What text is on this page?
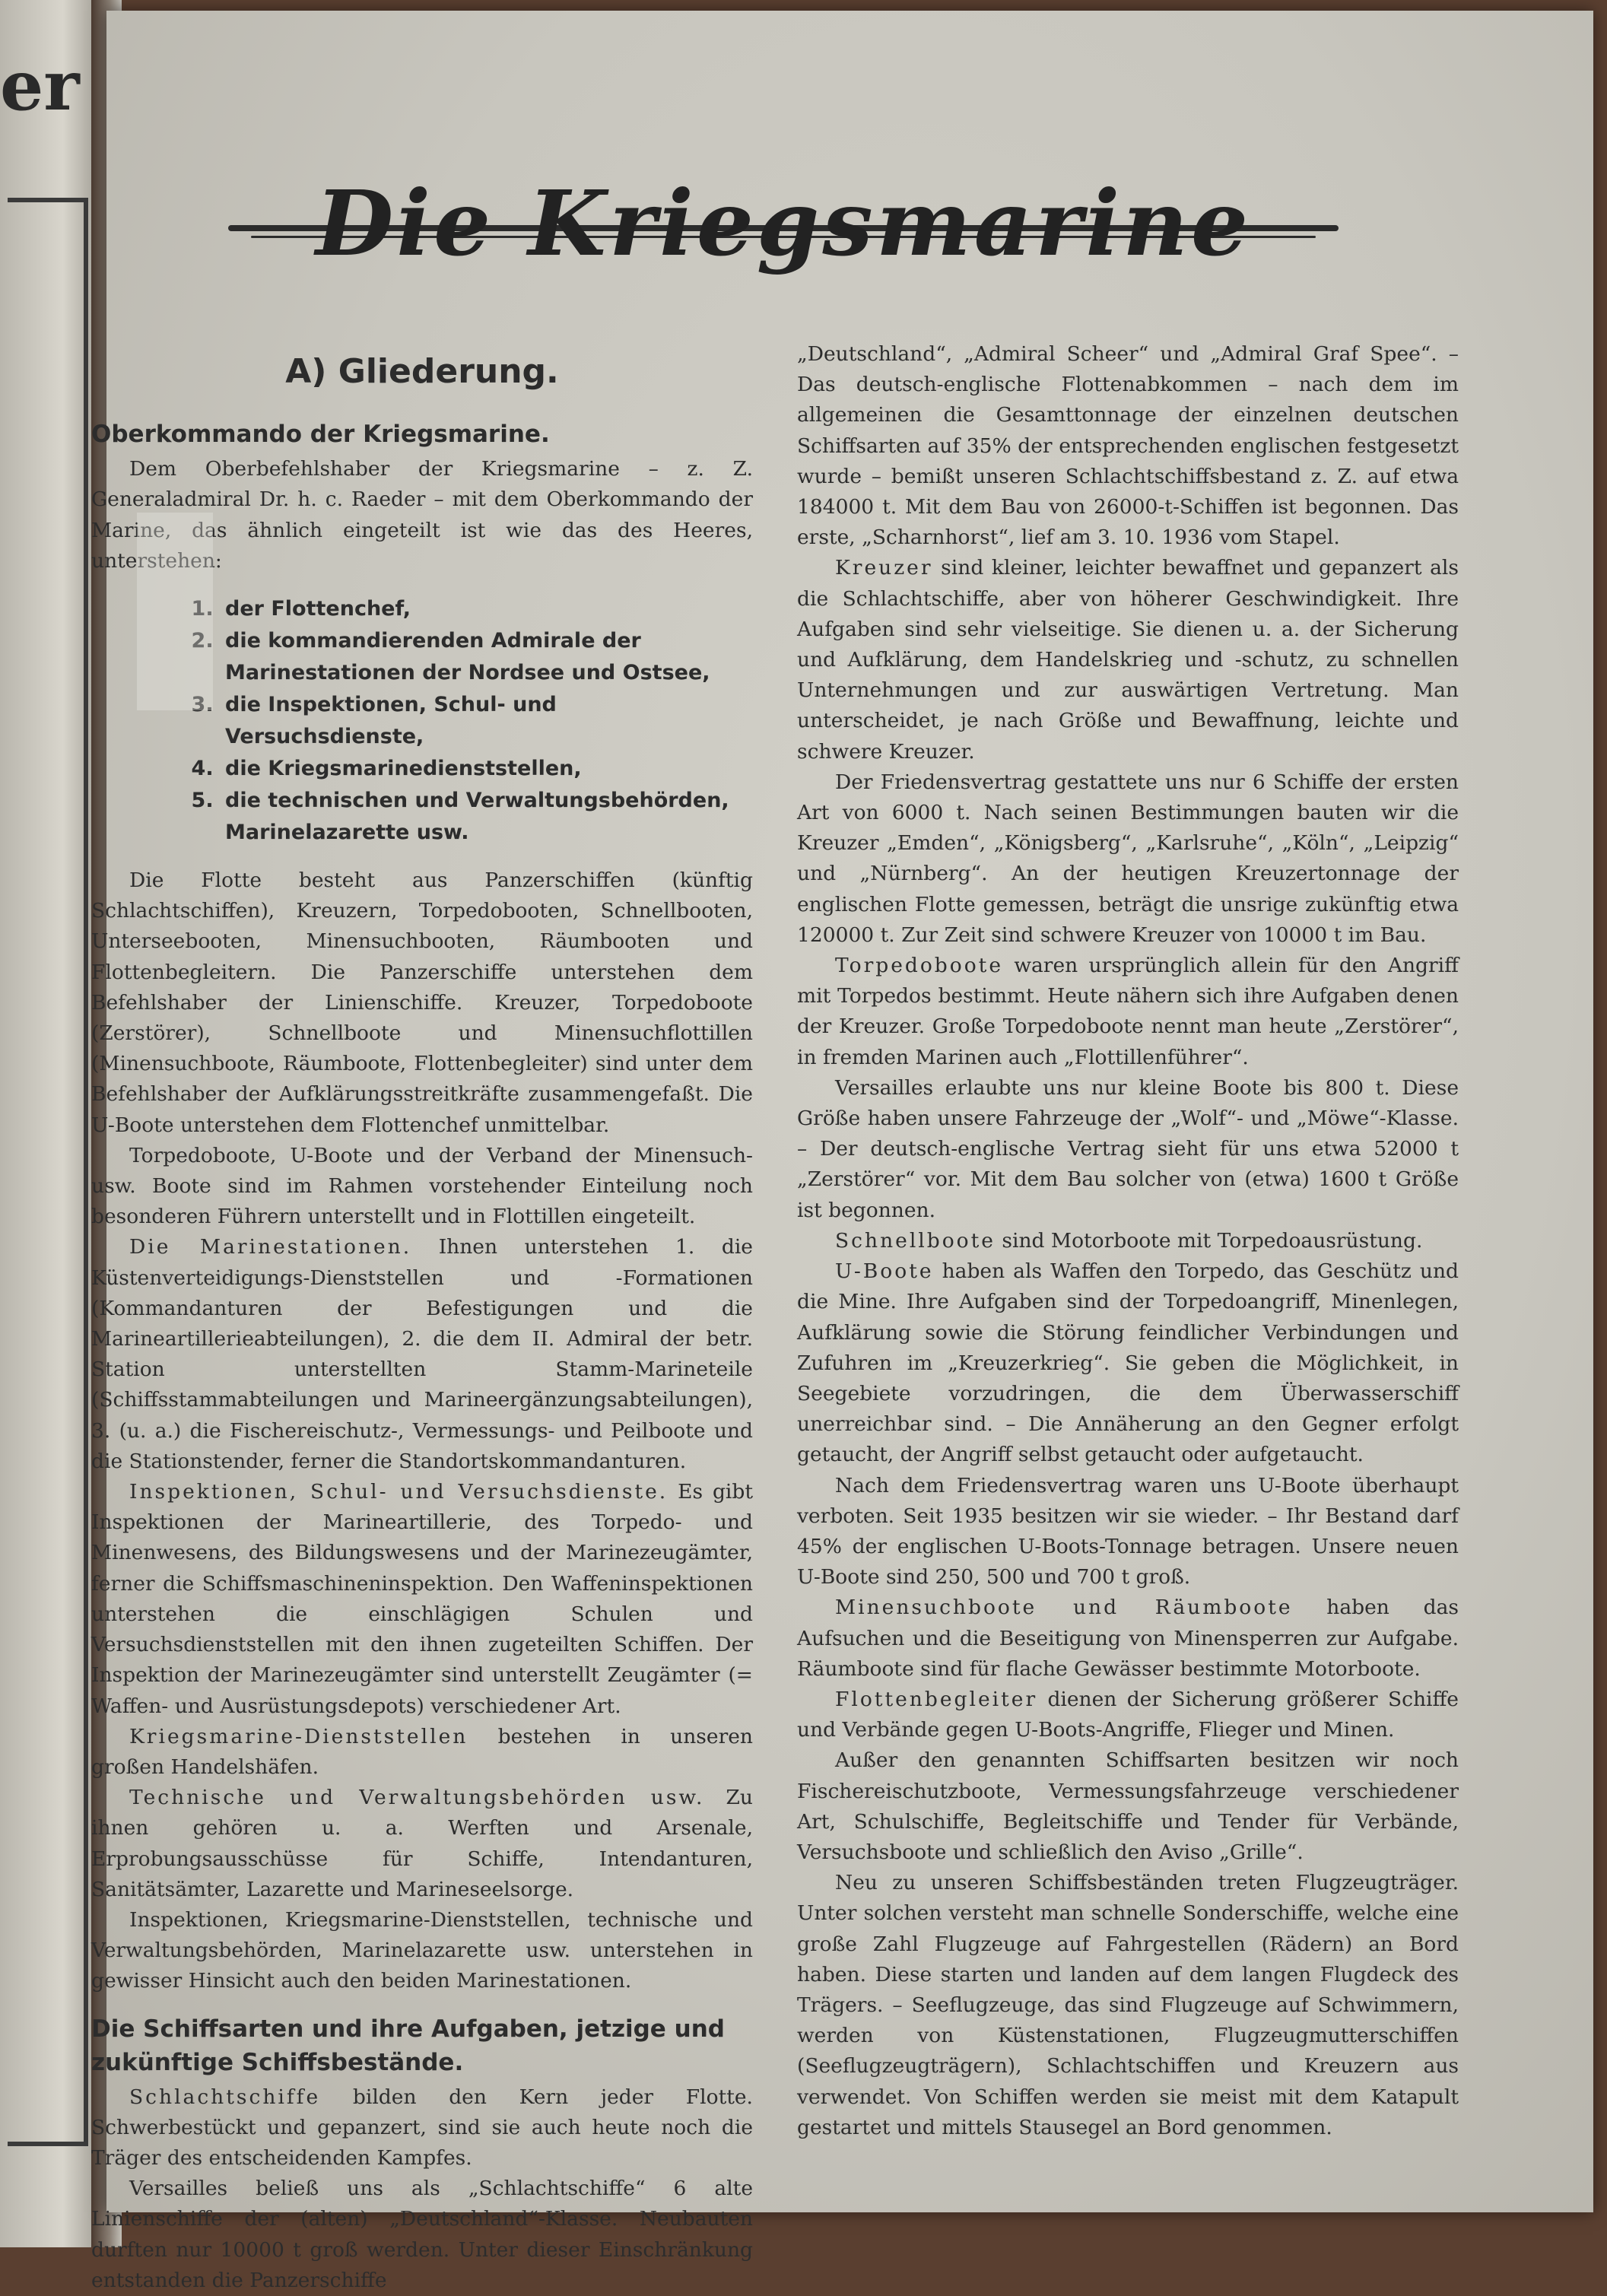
er
Die Kriegsmarine

A) Gliederung.

Oberkommando der Kriegsmarine.

Dem Oberbefehlshaber der Kriegsmarine – z. Z. Generaladmiral Dr. h. c. Raeder – mit dem Oberkommando der Marine, das ähnlich eingeteilt ist wie das des Heeres, unterstehen:

1. der Flottenchef,
2. die kommandierenden Admirale der Marinestationen der Nordsee und Ostsee,
3. die Inspektionen, Schul- und Versuchsdienste,
4. die Kriegsmarinedienststellen,
5. die technischen und Verwaltungsbehörden, Marinelazarette usw.

Die Flotte besteht aus Panzerschiffen (künftig Schlachtschiffen), Kreuzern, Torpedobooten, Schnellbooten, Unterseebooten, Minensuchbooten, Räumbooten und Flottenbegleitern. Die Panzerschiffe unterstehen dem Befehlshaber der Linienschiffe. Kreuzer, Torpedoboote (Zerstörer), Schnellboote und Minensuchflottillen (Minensuchboote, Räumboote, Flottenbegleiter) sind unter dem Befehlshaber der Aufklärungsstreitkräfte zusammengefaßt. Die U-Boote unterstehen dem Flottenchef unmittelbar.

Torpedoboote, U-Boote und der Verband der Minensuch- usw. Boote sind im Rahmen vorstehender Einteilung noch besonderen Führern unterstellt und in Flottillen eingeteilt.

Die Marinestationen. Ihnen unterstehen 1. die Küstenverteidigungs-Dienststellen und -Formationen (Kommandanturen der Befestigungen und die Marineartillerieabteilungen), 2. die dem II. Admiral der betr. Station unterstellten Stamm-Marineteile (Schiffsstammabteilungen und Marineergänzungsabteilungen), 3. (u. a.) die Fischereischutz-, Vermessungs- und Peilboote und die Stationstender, ferner die Standortskommandanturen.

Inspektionen, Schul- und Versuchsdienste. Es gibt Inspektionen der Marineartillerie, des Torpedo- und Minenwesens, des Bildungswesens und der Marinezeugämter, ferner die Schiffsmaschineninspektion. Den Waffeninspektionen unterstehen die einschlägigen Schulen und Versuchsdienststellen mit den ihnen zugeteilten Schiffen. Der Inspektion der Marinezeugämter sind unterstellt Zeugämter (= Waffen- und Ausrüstungsdepots) verschiedener Art.

Kriegsmarine-Dienststellen bestehen in unseren großen Handelshäfen.

Technische und Verwaltungsbehörden usw. Zu ihnen gehören u. a. Werften und Arsenale, Erprobungsausschüsse für Schiffe, Intendanturen, Sanitätsämter, Lazarette und Marineseelsorge.

Inspektionen, Kriegsmarine-Dienststellen, technische und Verwaltungsbehörden, Marinelazarette usw. unterstehen in gewisser Hinsicht auch den beiden Marinestationen.

Die Schiffsarten und ihre Aufgaben, jetzige und zukünftige Schiffsbestände.

Schlachtschiffe bilden den Kern jeder Flotte. Schwerbestückt und gepanzert, sind sie auch heute noch die Träger des entscheidenden Kampfes.

Versailles beließ uns als „Schlachtschiffe“ 6 alte Linienschiffe der (alten) „Deutschland“-Klasse. Neubauten durften nur 10000 t groß werden. Unter dieser Einschränkung entstanden die Panzerschiffe

„Deutschland“, „Admiral Scheer“ und „Admiral Graf Spee“. – Das deutsch-englische Flottenabkommen – nach dem im allgemeinen die Gesamttonnage der einzelnen deutschen Schiffsarten auf 35% der entsprechenden englischen festgesetzt wurde – bemißt unseren Schlachtschiffsbestand z. Z. auf etwa 184000 t. Mit dem Bau von 26000-t-Schiffen ist begonnen. Das erste, „Scharnhorst“, lief am 3. 10. 1936 vom Stapel.

Kreuzer sind kleiner, leichter bewaffnet und gepanzert als die Schlachtschiffe, aber von höherer Geschwindigkeit. Ihre Aufgaben sind sehr vielseitige. Sie dienen u. a. der Sicherung und Aufklärung, dem Handelskrieg und -schutz, zu schnellen Unternehmungen und zur auswärtigen Vertretung. Man unterscheidet, je nach Größe und Bewaffnung, leichte und schwere Kreuzer.

Der Friedensvertrag gestattete uns nur 6 Schiffe der ersten Art von 6000 t. Nach seinen Bestimmungen bauten wir die Kreuzer „Emden“, „Königsberg“, „Karlsruhe“, „Köln“, „Leipzig“ und „Nürnberg“. An der heutigen Kreuzertonnage der englischen Flotte gemessen, beträgt die unsrige zukünftig etwa 120000 t. Zur Zeit sind schwere Kreuzer von 10000 t im Bau.

Torpedoboote waren ursprünglich allein für den Angriff mit Torpedos bestimmt. Heute nähern sich ihre Aufgaben denen der Kreuzer. Große Torpedoboote nennt man heute „Zerstörer“, in fremden Marinen auch „Flottillenführer“.

Versailles erlaubte uns nur kleine Boote bis 800 t. Diese Größe haben unsere Fahrzeuge der „Wolf“- und „Möwe“-Klasse. – Der deutsch-englische Vertrag sieht für uns etwa 52000 t „Zerstörer“ vor. Mit dem Bau solcher von (etwa) 1600 t Größe ist begonnen.

Schnellboote sind Motorboote mit Torpedoausrüstung.

U-Boote haben als Waffen den Torpedo, das Geschütz und die Mine. Ihre Aufgaben sind der Torpedoangriff, Minenlegen, Aufklärung sowie die Störung feindlicher Verbindungen und Zufuhren im „Kreuzerkrieg“. Sie geben die Möglichkeit, in Seegebiete vorzudringen, die dem Überwasserschiff unerreichbar sind. – Die Annäherung an den Gegner erfolgt getaucht, der Angriff selbst getaucht oder aufgetaucht.

Nach dem Friedensvertrag waren uns U-Boote überhaupt verboten. Seit 1935 besitzen wir sie wieder. – Ihr Bestand darf 45% der englischen U-Boots-Tonnage betragen. Unsere neuen U-Boote sind 250, 500 und 700 t groß.

Minensuchboote und Räumboote haben das Aufsuchen und die Beseitigung von Minensperren zur Aufgabe. Räumboote sind für flache Gewässer bestimmte Motorboote.

Flottenbegleiter dienen der Sicherung größerer Schiffe und Verbände gegen U-Boots-Angriffe, Flieger und Minen.

Außer den genannten Schiffsarten besitzen wir noch Fischereischutzboote, Vermessungsfahrzeuge verschiedener Art, Schulschiffe, Begleitschiffe und Tender für Verbände, Versuchsboote und schließlich den Aviso „Grille“.

Neu zu unseren Schiffsbeständen treten Flugzeugträger. Unter solchen versteht man schnelle Sonderschiffe, welche eine große Zahl Flugzeuge auf Fahrgestellen (Rädern) an Bord haben. Diese starten und landen auf dem langen Flugdeck des Trägers. – Seeflugzeuge, das sind Flugzeuge auf Schwimmern, werden von Küstenstationen, Flugzeugmutterschiffen (Seeflugzeugträgern), Schlachtschiffen und Kreuzern aus verwendet. Von Schiffen werden sie meist mit dem Katapult gestartet und mittels Stausegel an Bord genommen.
